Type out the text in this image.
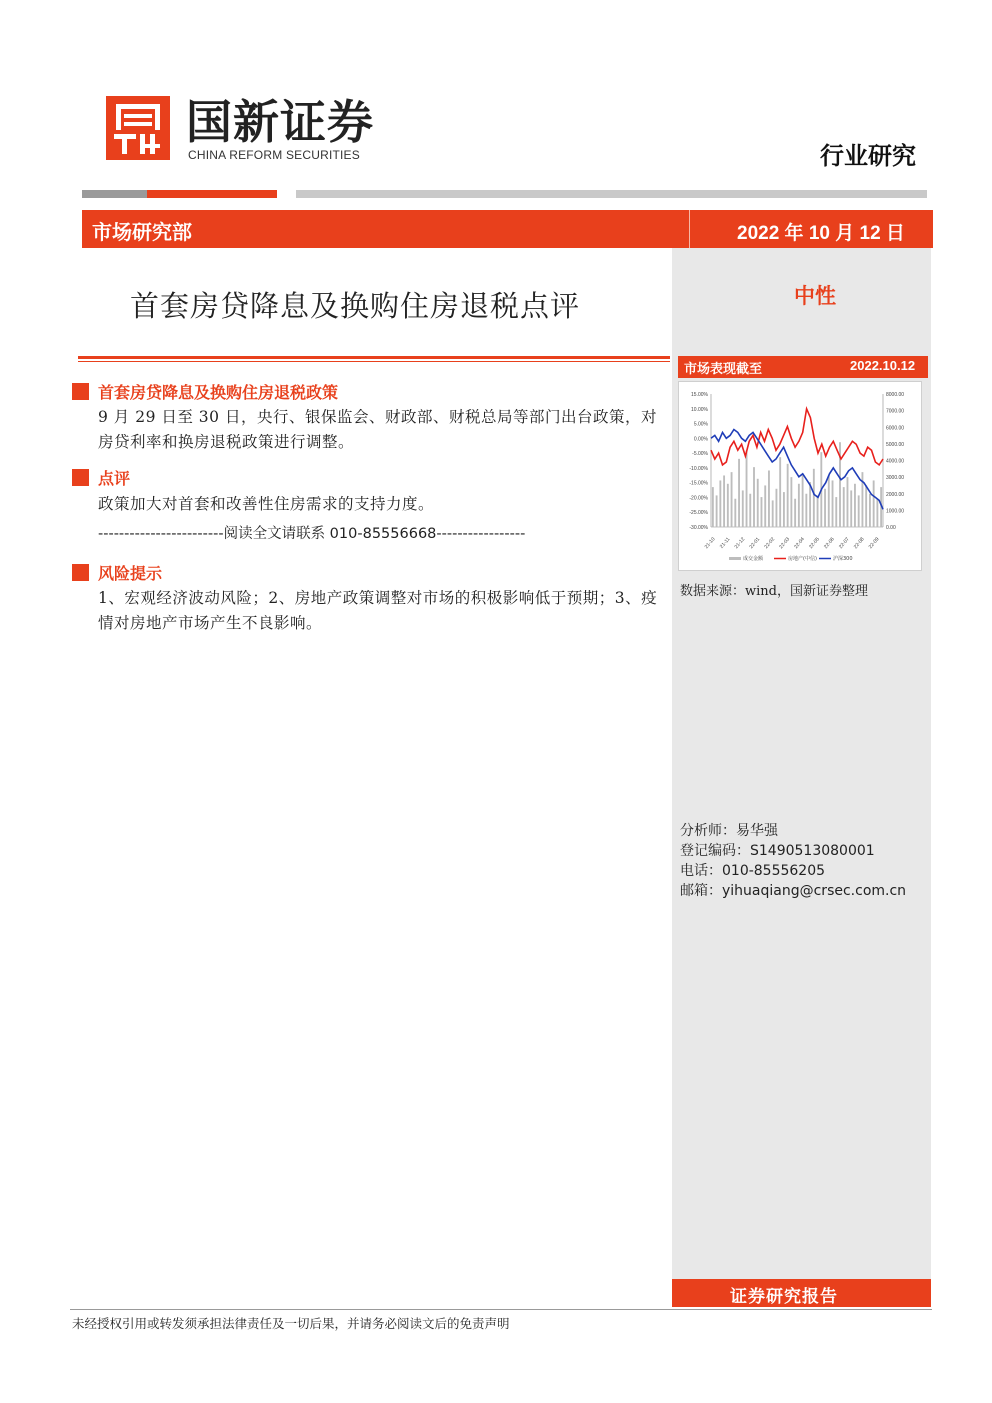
国新证券
CHINA REFORM SECURITIES	行业研究
市场研究部	2022 年 10 月 12 日
首套房贷降息及换购住房退税点评	中性
市场表现截至	2022.10.12
15.00%
10.00%
5.00%
0.00%
-5.00%
-10.00%
-15.00%
-20.00%
-25.00%
-30.00%
8000.00
7000.00
6000.00
5000.00
4000.00
3000.00
2000.00
1000.00
0.00
21-10 21-11 21-12 22-01 22-02 22-03 22-04 22-05 22-06 22-07 22-08 22-09
成交金额	房地产(中信)	沪深300
数据来源：wind，国新证券整理
首套房贷降息及换购住房退税政策
9 月 29 日至 30 日，央行、银保监会、财政部、财税总局等部门出台政策，对房贷利率和换房退税政策进行调整。
点评
政策加大对首套和改善性住房需求的支持力度。
------------------------阅读全文请联系 010-85556668-----------------
风险提示
1、宏观经济波动风险；2、房地产政策调整对市场的积极影响低于预期；3、疫情对房地产市场产生不良影响。
分析师：易华强
登记编码：S1490513080001
电话：010-85556205
邮箱：yihuaqiang@crsec.com.cn
证券研究报告
未经授权引用或转发须承担法律责任及一切后果，并请务必阅读文后的免责声明
